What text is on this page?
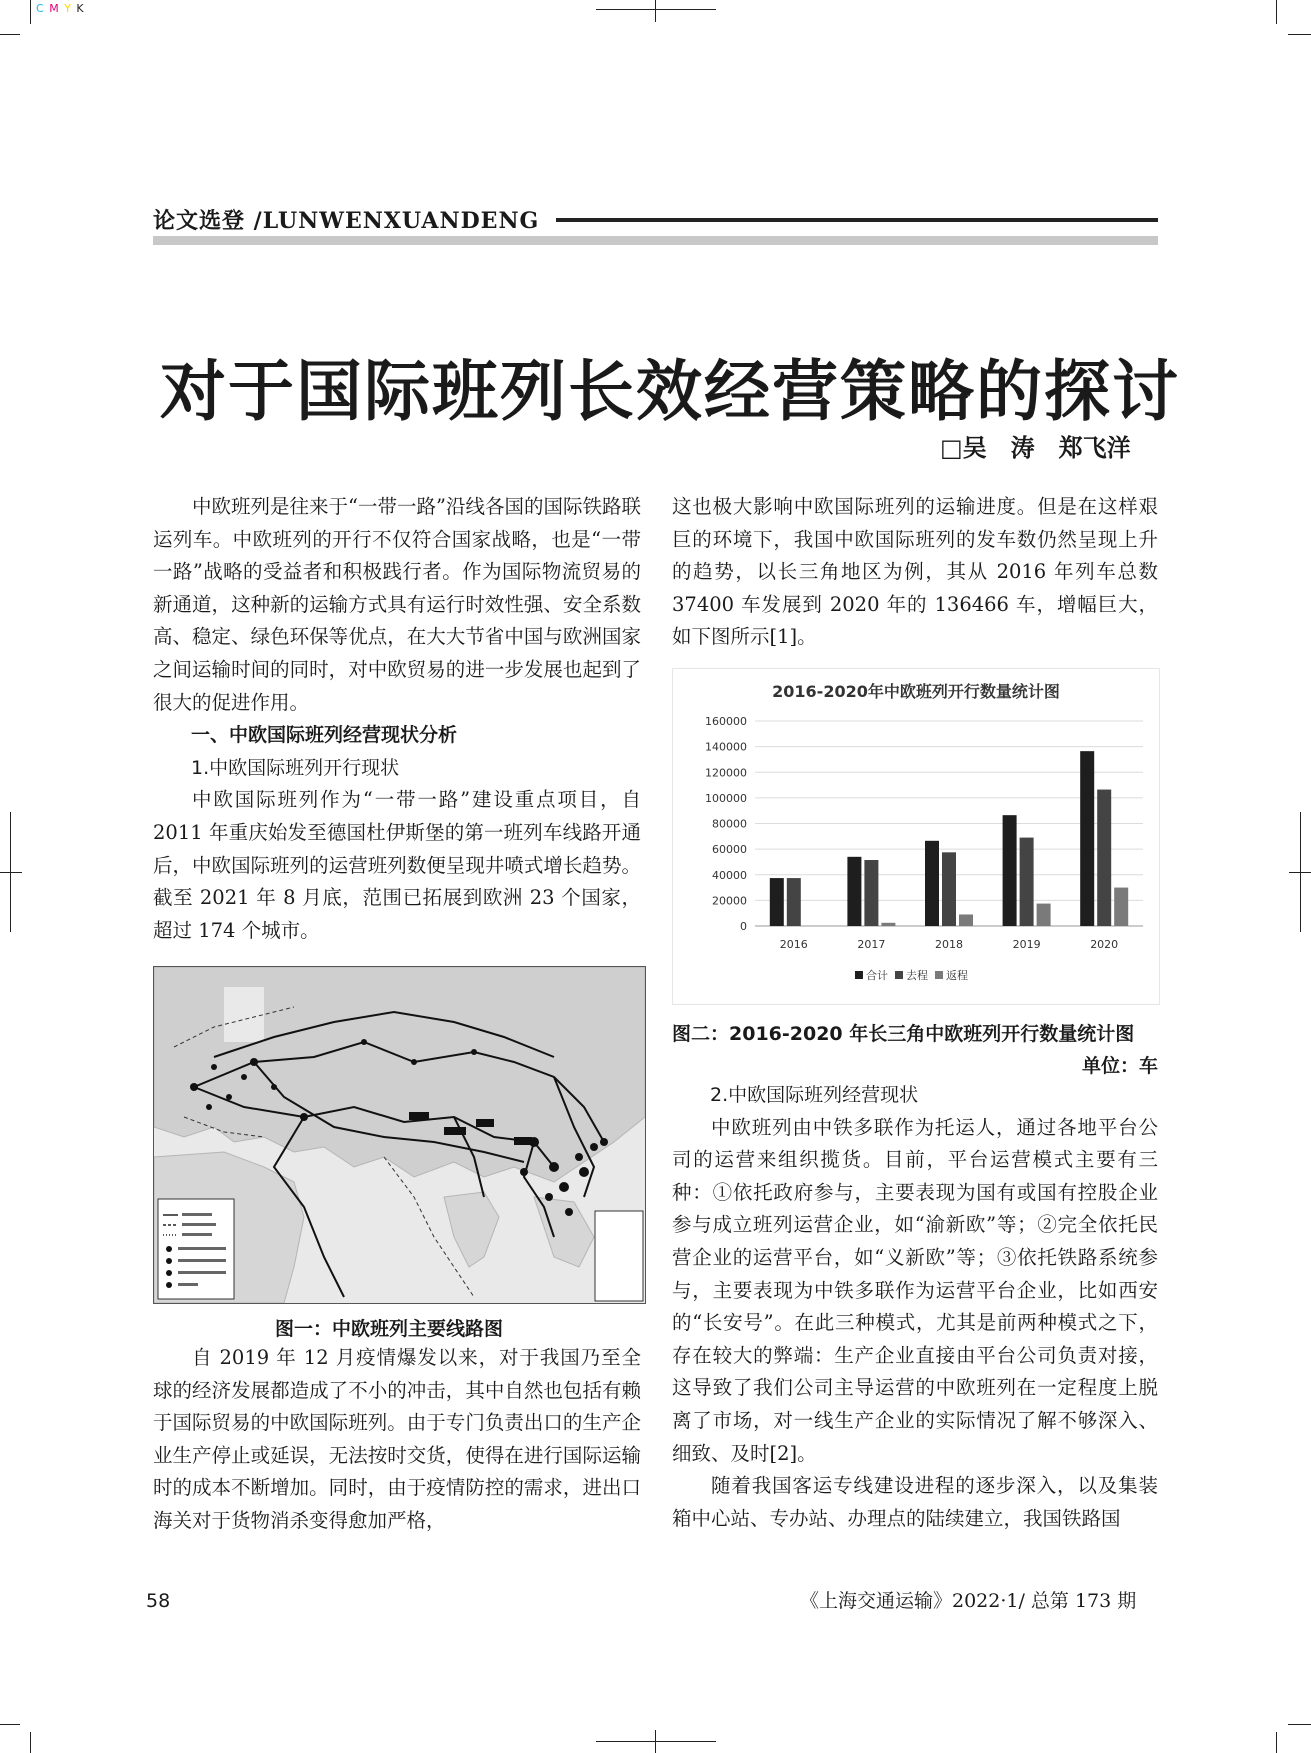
C M Y K
论文选登 /LUNWENXUANDENG
对于国际班列长效经营策略的探讨
□吴　涛　郑飞洋

中欧班列是往来于“一带一路”沿线各国的国际铁路联运列车。中欧班列的开行不仅符合国家战略，也是“一带一路”战略的受益者和积极践行者。作为国际物流贸易的新通道，这种新的运输方式具有运行时效性强、安全系数高、稳定、绿色环保等优点，在大大节省中国与欧洲国家之间运输时间的同时，对中欧贸易的进一步发展也起到了很大的促进作用。

一、中欧国际班列经营现状分析

1.中欧国际班列开行现状

中欧国际班列作为“一带一路”建设重点项目，自 2011 年重庆始发至德国杜伊斯堡的第一班列车线路开通后，中欧国际班列的运营班列数便呈现井喷式增长趋势。截至 2021 年 8 月底，范围已拓展到欧洲 23 个国家，超过 174 个城市。

图一：中欧班列主要线路图

自 2019 年 12 月疫情爆发以来，对于我国乃至全球的经济发展都造成了不小的冲击，其中自然也包括有赖于国际贸易的中欧国际班列。由于专门负责出口的生产企业生产停止或延误，无法按时交货，使得在进行国际运输时的成本不断增加。同时，由于疫情防控的需求，进出口海关对于货物消杀变得愈加严格，

这也极大影响中欧国际班列的运输进度。但是在这样艰巨的环境下，我国中欧国际班列的发车数仍然呈现上升的趋势，以长三角地区为例，其从 2016 年列车总数 37400 车发展到 2020 年的 136466 车，增幅巨大，如下图所示[1]。

2016-2020年中欧班列开行数量统计图
0
20000
40000
60000
80000
100000
120000
140000
160000
2016	2017	2018	2019	2020
合计 去程 返程
图二：2016-2020 年长三角中欧班列开行数量统计图
单位：车

2.中欧国际班列经营现状

中欧班列由中铁多联作为托运人，通过各地平台公司的运营来组织揽货。目前，平台运营模式主要有三种：①依托政府参与，主要表现为国有或国有控股企业参与成立班列运营企业，如“渝新欧”等；②完全依托民营企业的运营平台，如“义新欧”等；③依托铁路系统参与，主要表现为中铁多联作为运营平台企业，比如西安的“长安号”。在此三种模式，尤其是前两种模式之下，存在较大的弊端：生产企业直接由平台公司负责对接，这导致了我们公司主导运营的中欧班列在一定程度上脱离了市场，对一线生产企业的实际情况了解不够深入、细致、及时[2]。

随着我国客运专线建设进程的逐步深入，以及集装箱中心站、专办站、办理点的陆续建立，我国铁路国

58	《上海交通运输》2022·1/ 总第 173 期
